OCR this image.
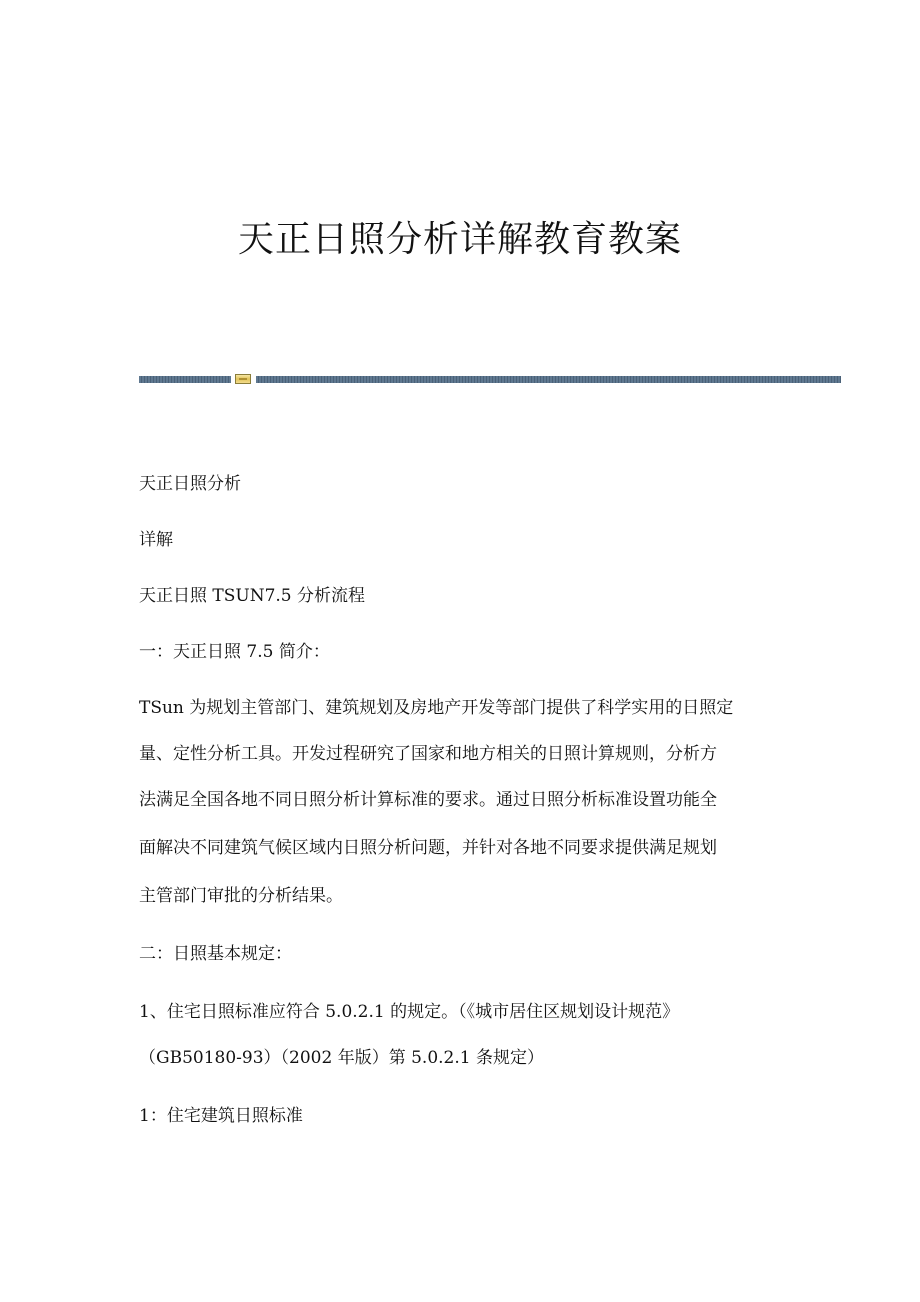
天正日照分析详解教育教案
天正日照分析
详解
天正日照 TSUN7.5 分析流程
一：天正日照 7.5 简介：
TSun 为规划主管部门、建筑规划及房地产开发等部门提供了科学实用的日照定
量、定性分析工具。开发过程研究了国家和地方相关的日照计算规则，分析方
法满足全国各地不同日照分析计算标准的要求。通过日照分析标准设置功能全
面解决不同建筑气候区域内日照分析问题，并针对各地不同要求提供满足规划
主管部门审批的分析结果。
二：日照基本规定：
1、住宅日照标准应符合 5.0.2.1 的规定。（《城市居住区规划设计规范》
（GB50180-93）（2002 年版）第 5.0.2.1 条规定）
1：住宅建筑日照标准
